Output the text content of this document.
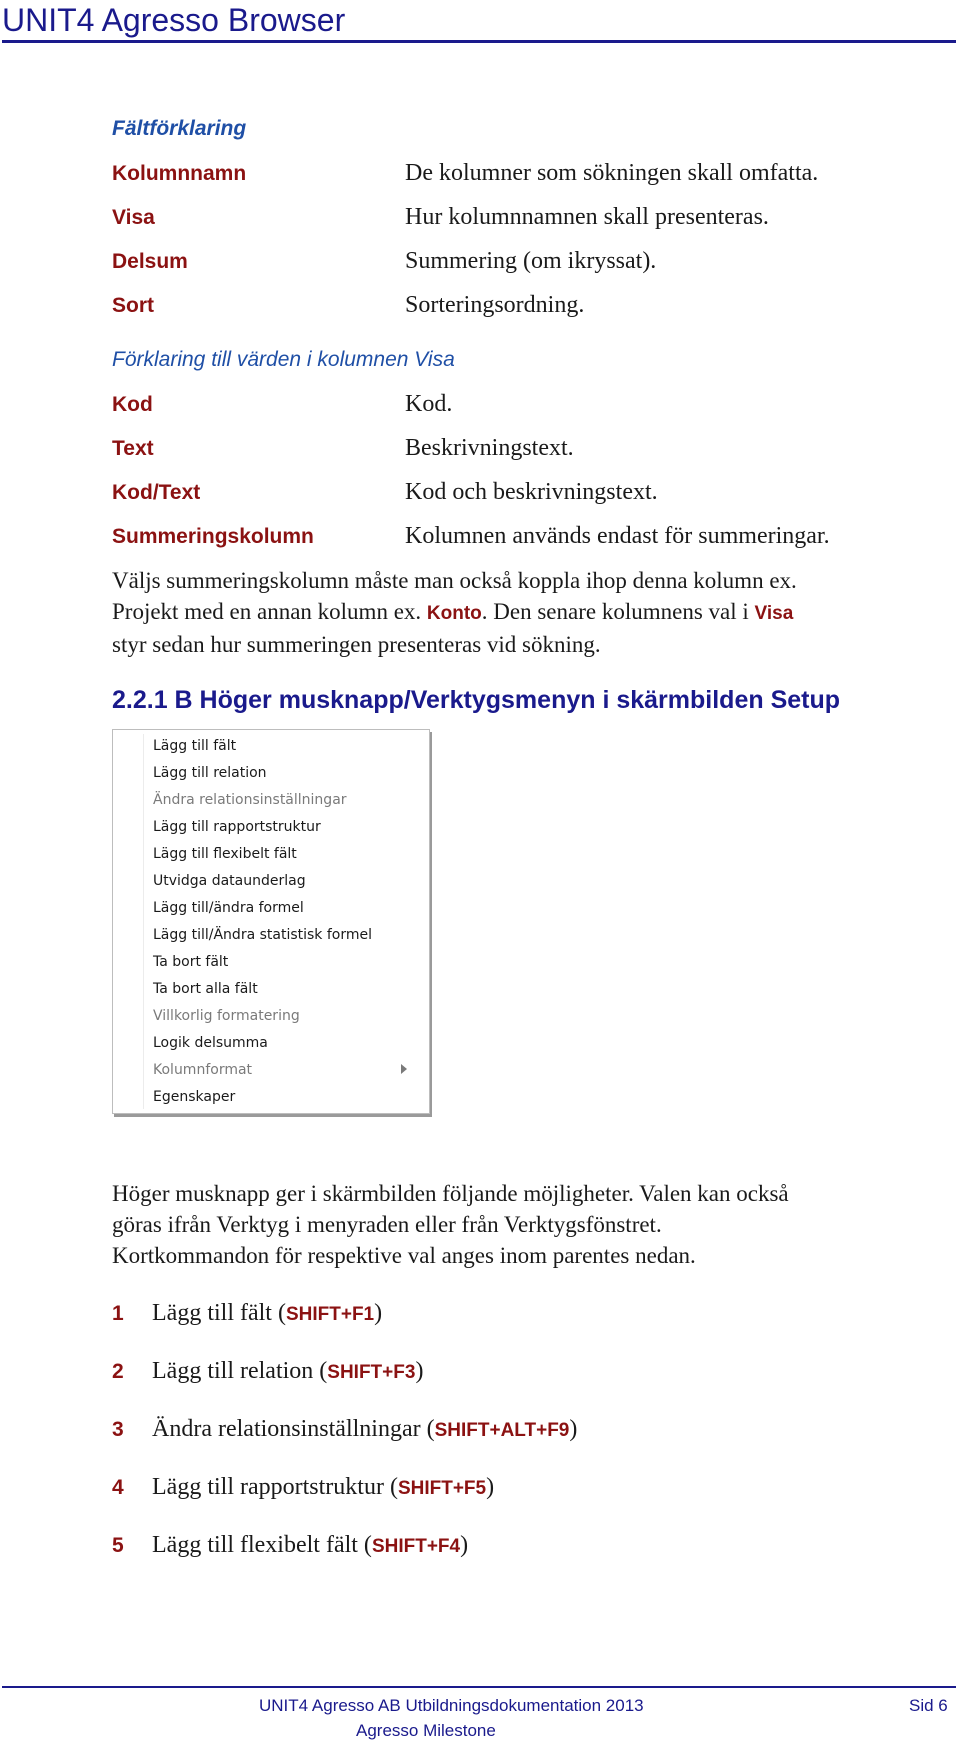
UNIT4 Agresso Browser
Fältförklaring
Kolumnnamn	De kolumner som sökningen skall omfatta.
Visa	Hur kolumnnamnen skall presenteras.
Delsum	Summering (om ikryssat).
Sort	Sorteringsordning.
Förklaring till värden i kolumnen Visa
Kod	Kod.
Text	Beskrivningstext.
Kod/Text	Kod och beskrivningstext.
Summeringskolumn	Kolumnen används endast för summeringar.
Väljs summeringskolumn måste man också koppla ihop denna kolumn ex.
Projekt med en annan kolumn ex. Konto. Den senare kolumnens val i Visa
styr sedan hur summeringen presenteras vid sökning.
2.2.1 B Höger musknapp/Verktygsmenyn i skärmbilden Setup
Lägg till fält
Lägg till relation
Ändra relationsinställningar
Lägg till rapportstruktur
Lägg till flexibelt fält
Utvidga dataunderlag
Lägg till/ändra formel
Lägg till/Ändra statistisk formel
Ta bort fält
Ta bort alla fält
Villkorlig formatering
Logik delsumma
Kolumnformat
Egenskaper
Höger musknapp ger i skärmbilden följande möjligheter. Valen kan också
göras ifrån Verktyg i menyraden eller från Verktygsfönstret.
Kortkommandon för respektive val anges inom parentes nedan.
1 Lägg till fält (SHIFT+F1)
2 Lägg till relation (SHIFT+F3)
3 Ändra relationsinställningar (SHIFT+ALT+F9)
4 Lägg till rapportstruktur (SHIFT+F5)
5 Lägg till flexibelt fält (SHIFT+F4)
UNIT4 Agresso AB Utbildningsdokumentation 2013	Sid 6
Agresso Milestone
